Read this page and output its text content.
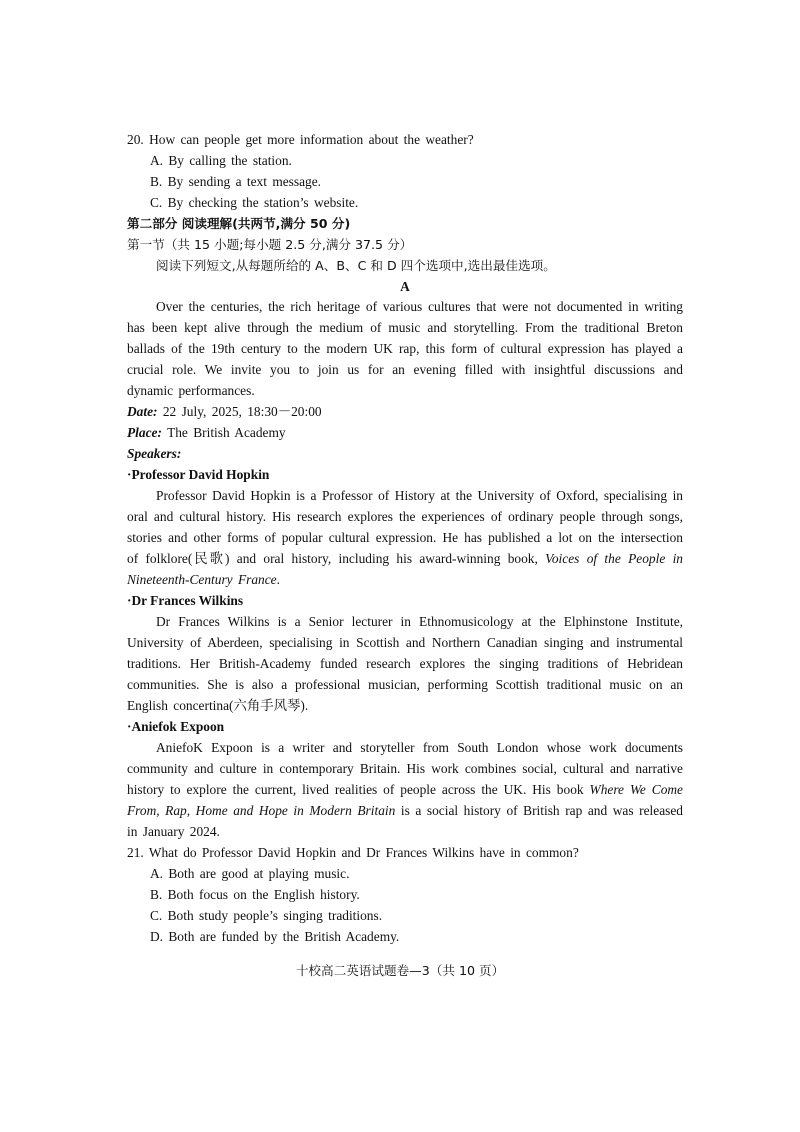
20. How can people get more information about the weather?
A. By calling the station.
B. By sending a text message.
C. By checking the station’s website.
第二部分 阅读理解(共两节,满分 50 分)
第一节（共 15 小题;每小题 2.5 分,满分 37.5 分）
阅读下列短文,从每题所给的 A、B、C 和 D 四个选项中,选出最佳选项。
A
Over the centuries, the rich heritage of various cultures that were not documented in writing has been kept alive through the medium of music and storytelling. From the traditional Breton ballads of the 19th century to the modern UK rap, this form of cultural expression has played a crucial role. We invite you to join us for an evening filled with insightful discussions and dynamic performances.
Date: 22 July, 2025, 18:30－20:00
Place: The British Academy
Speakers:
·Professor David Hopkin
Professor David Hopkin is a Professor of History at the University of Oxford, specialising in oral and cultural history. His research explores the experiences of ordinary people through songs, stories and other forms of popular cultural expression. He has published a lot on the intersection of folklore(民歌) and oral history, including his award-winning book, Voices of the People in Nineteenth-Century France.
·Dr Frances Wilkins
Dr Frances Wilkins is a Senior lecturer in Ethnomusicology at the Elphinstone Institute, University of Aberdeen, specialising in Scottish and Northern Canadian singing and instrumental traditions. Her British-Academy funded research explores the singing traditions of Hebridean communities. She is also a professional musician, performing Scottish traditional music on an English concertina(六角手风琴).
·Aniefok Expoon
AniefoK Expoon is a writer and storyteller from South London whose work documents community and culture in contemporary Britain. His work combines social, cultural and narrative history to explore the current, lived realities of people across the UK. His book Where We Come From, Rap, Home and Hope in Modern Britain is a social history of British rap and was released in January 2024.
21. What do Professor David Hopkin and Dr Frances Wilkins have in common?
A. Both are good at playing music.
B. Both focus on the English history.
C. Both study people’s singing traditions.
D. Both are funded by the British Academy.
十校高二英语试题卷—3（共 10 页）
